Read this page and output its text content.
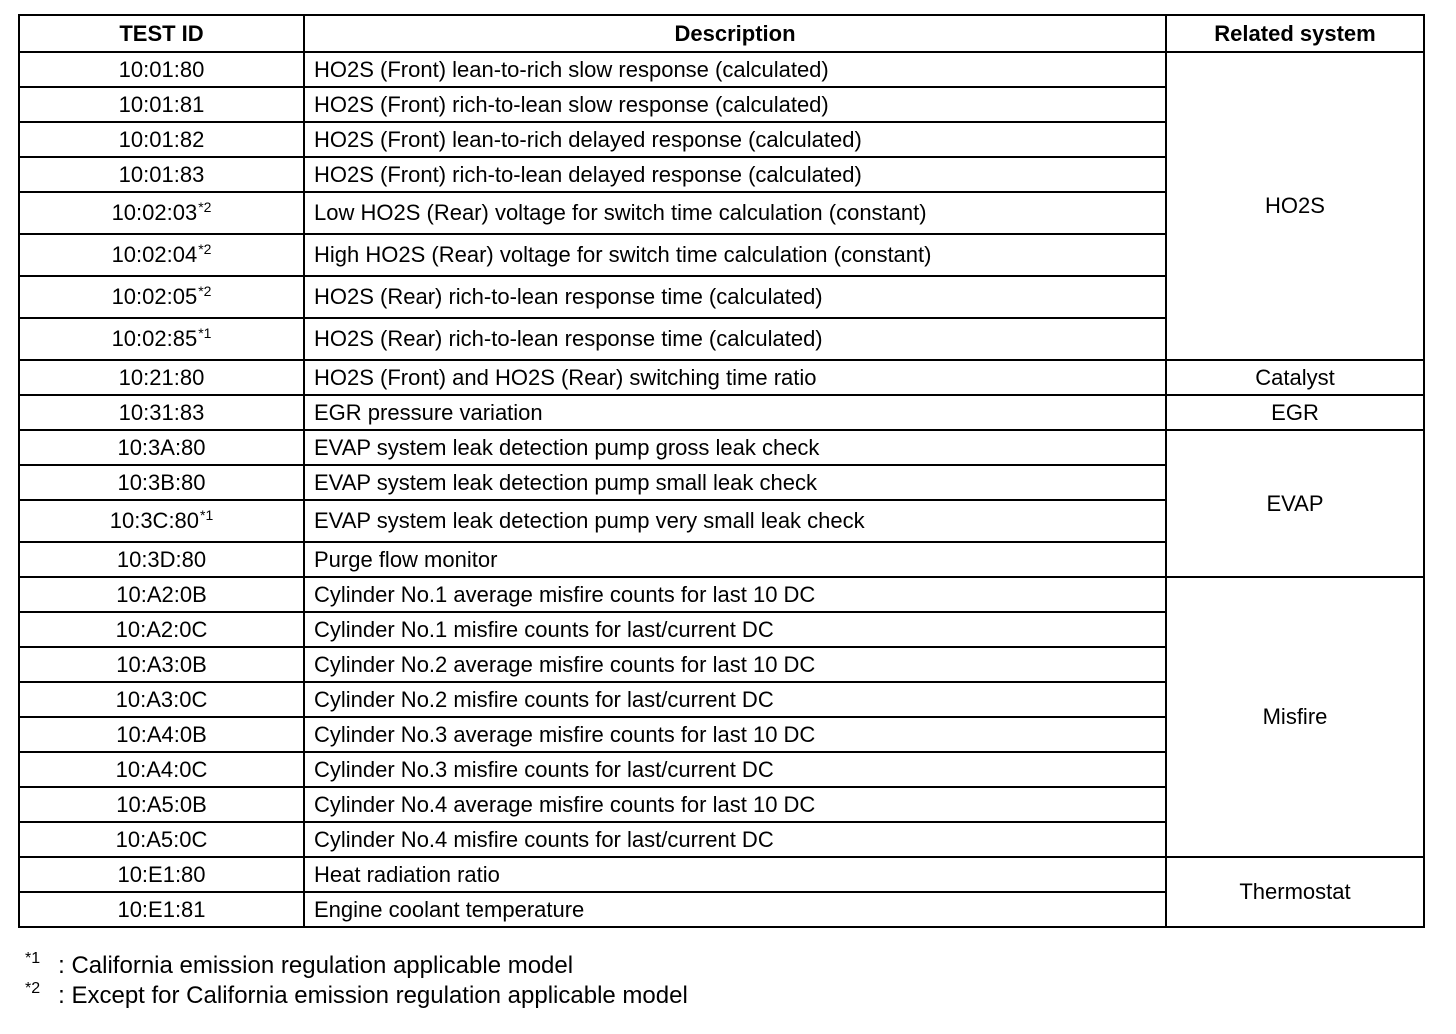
TEST ID	Description	Related system
10:01:80	HO2S (Front) lean-to-rich slow response (calculated)	HO2S
10:01:81	HO2S (Front) rich-to-lean slow response (calculated)	
10:01:82	HO2S (Front) lean-to-rich delayed response (calculated)	
10:01:83	HO2S (Front) rich-to-lean delayed response (calculated)	
10:02:03$^{*2}$	Low HO2S (Rear) voltage for switch time calculation (constant)	
10:02:04$^{*2}$	High HO2S (Rear) voltage for switch time calculation (constant)	
10:02:05$^{*2}$	HO2S (Rear) rich-to-lean response time (calculated)	
10:02:85$^{*1}$	HO2S (Rear) rich-to-lean response time (calculated)	
10:21:80	HO2S (Front) and HO2S (Rear) switching time ratio	Catalyst
10:31:83	EGR pressure variation	EGR
10:3A:80	EVAP system leak detection pump gross leak check	EVAP
10:3B:80	EVAP system leak detection pump small leak check	
10:3C:80$^{*1}$	EVAP system leak detection pump very small leak check	
10:3D:80	Purge flow monitor	
10:A2:0B	Cylinder No.1 average misfire counts for last 10 DC	Misfire
10:A2:0C	Cylinder No.1 misfire counts for last/current DC	
10:A3:0B	Cylinder No.2 average misfire counts for last 10 DC	
10:A3:0C	Cylinder No.2 misfire counts for last/current DC	
10:A4:0B	Cylinder No.3 average misfire counts for last 10 DC	
10:A4:0C	Cylinder No.3 misfire counts for last/current DC	
10:A5:0B	Cylinder No.4 average misfire counts for last 10 DC	
10:A5:0C	Cylinder No.4 misfire counts for last/current DC	
10:E1:80	Heat radiation ratio	Thermostat
10:E1:81	Engine coolant temperature	
$^{*1}$ : California emission regulation applicable model
$^{*2}$ : Except for California emission regulation applicable model
